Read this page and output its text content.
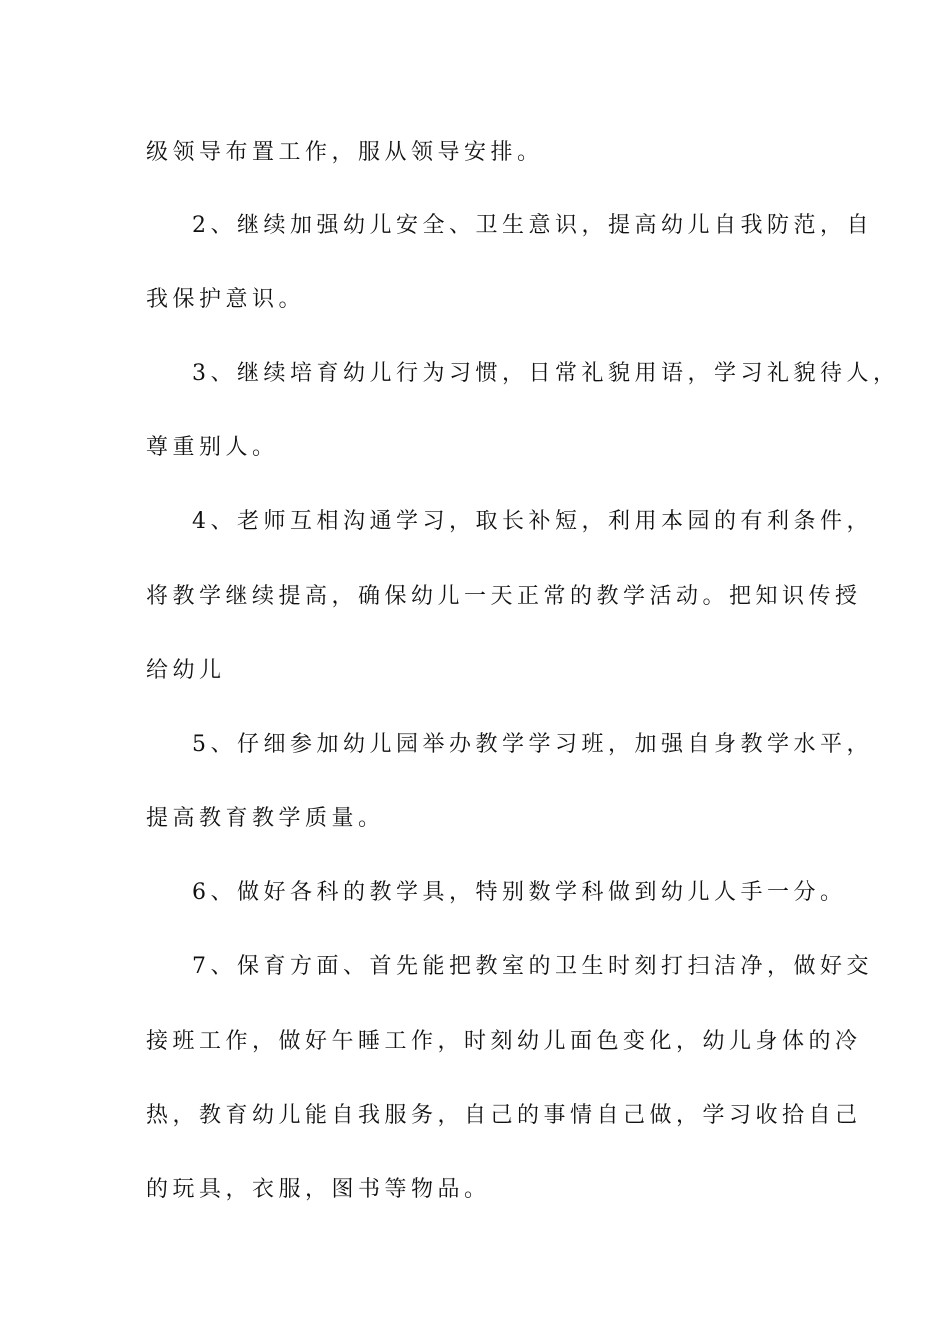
级领导布置工作，服从领导安排。
2、继续加强幼儿安全、卫生意识，提高幼儿自我防范，自
我保护意识。
3、继续培育幼儿行为习惯，日常礼貌用语，学习礼貌待人，
尊重别人。
4、老师互相沟通学习，取长补短，利用本园的有利条件，
将教学继续提高，确保幼儿一天正常的教学活动。把知识传授
给幼儿
5、仔细参加幼儿园举办教学学习班，加强自身教学水平，
提高教育教学质量。
6、做好各科的教学具，特别数学科做到幼儿人手一分。
7、保育方面、首先能把教室的卫生时刻打扫洁净，做好交
接班工作，做好午睡工作，时刻幼儿面色变化，幼儿身体的冷
热，教育幼儿能自我服务，自己的事情自己做，学习收拾自己
的玩具，衣服，图书等物品。
